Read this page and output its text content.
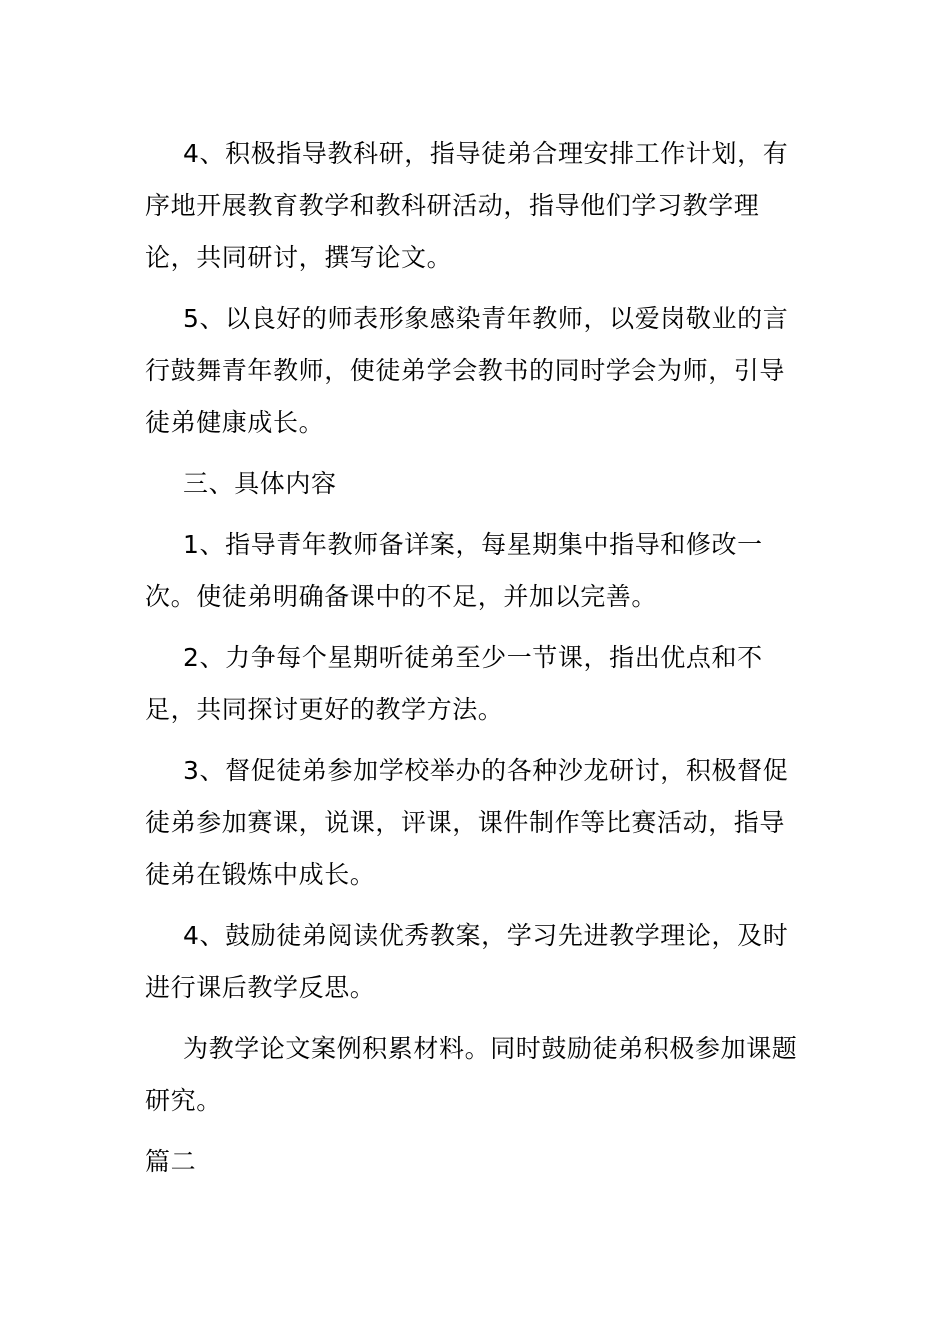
4、积极指导教科研，指导徒弟合理安排工作计划，有序地开展教育教学和教科研活动，指导他们学习教学理论，共同研讨，撰写论文。

5、以良好的师表形象感染青年教师，以爱岗敬业的言行鼓舞青年教师，使徒弟学会教书的同时学会为师，引导徒弟健康成长。

三、具体内容

1、指导青年教师备详案，每星期集中指导和修改一次。使徒弟明确备课中的不足，并加以完善。

2、力争每个星期听徒弟至少一节课，指出优点和不足，共同探讨更好的教学方法。

3、督促徒弟参加学校举办的各种沙龙研讨，积极督促徒弟参加赛课，说课，评课，课件制作等比赛活动，指导徒弟在锻炼中成长。

4、鼓励徒弟阅读优秀教案，学习先进教学理论，及时进行课后教学反思。

为教学论文案例积累材料。同时鼓励徒弟积极参加课题研究。

篇二
